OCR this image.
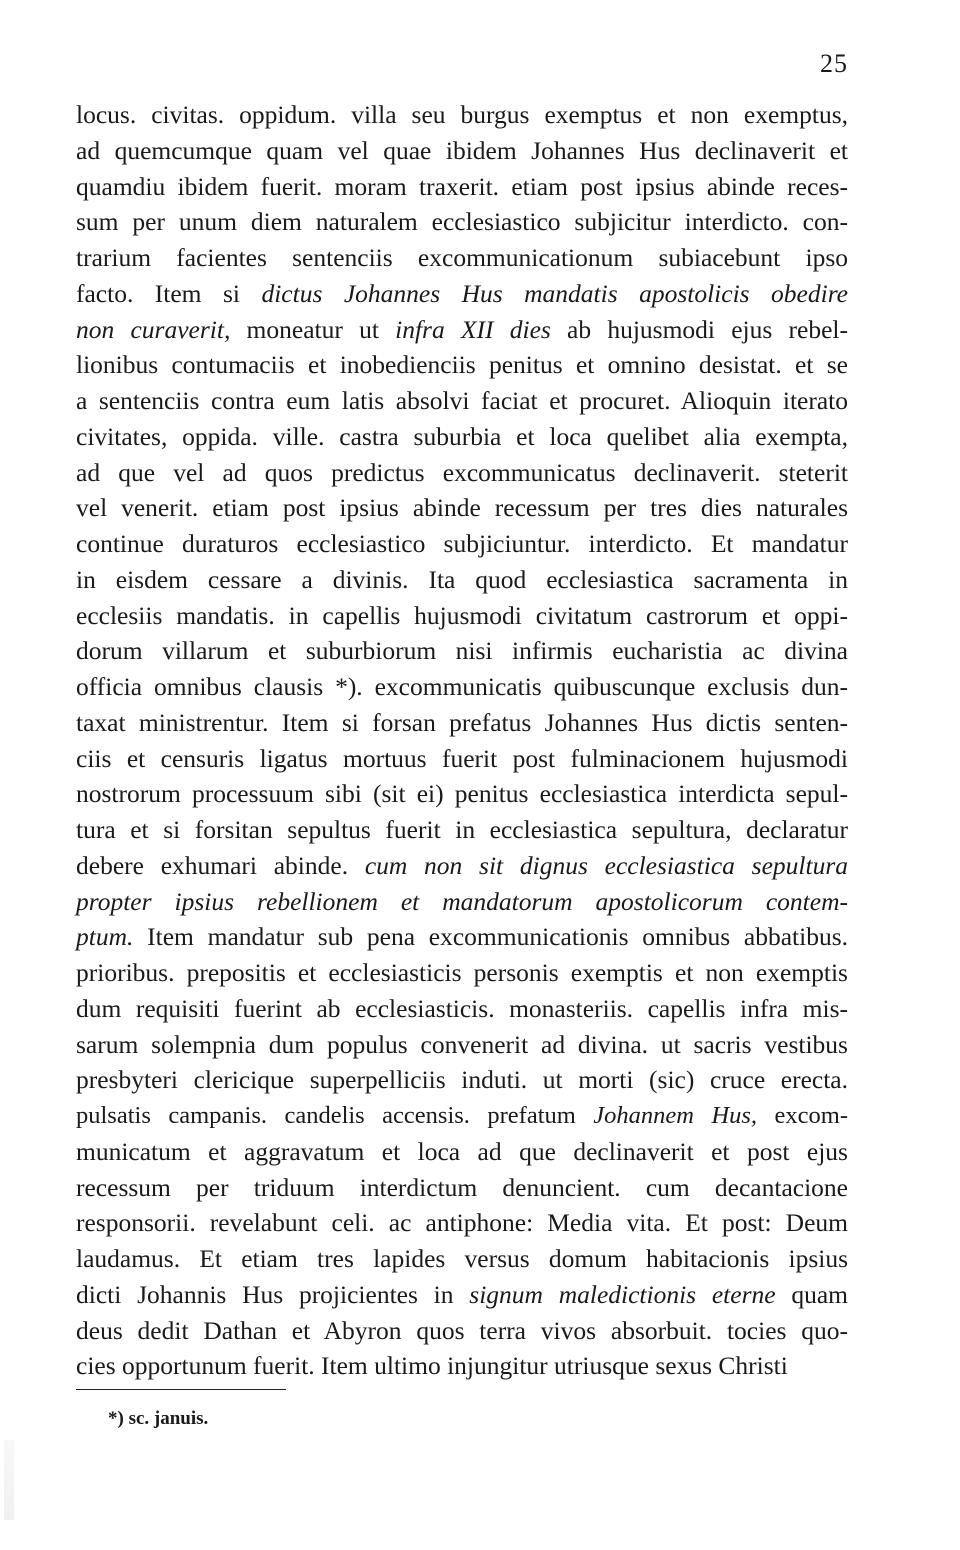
25
locus. civitas. oppidum. villa seu burgus exemptus et non exemptus,
ad quemcumque quam vel quae ibidem Johannes Hus declinaverit et
quamdiu ibidem fuerit. moram traxerit. etiam post ipsius abinde reces-
sum per unum diem naturalem ecclesiastico subjicitur interdicto. con-
trarium facientes sentenciis excommunicationum subiacebunt ipso
facto. Item si dictus Johannes Hus mandatis apostolicis obedire
non curaverit, moneatur ut infra XII dies ab hujusmodi ejus rebel-
lionibus contumaciis et inobedienciis penitus et omnino desistat. et se
a sentenciis contra eum latis absolvi faciat et procuret. Alioquin iterato
civitates, oppida. ville. castra suburbia et loca quelibet alia exempta,
ad que vel ad quos predictus excommunicatus declinaverit. steterit
vel venerit. etiam post ipsius abinde recessum per tres dies naturales
continue duraturos ecclesiastico subjiciuntur. interdicto. Et mandatur
in eisdem cessare a divinis. Ita quod ecclesiastica sacramenta in
ecclesiis mandatis. in capellis hujusmodi civitatum castrorum et oppi-
dorum villarum et suburbiorum nisi infirmis eucharistia ac divina
officia omnibus clausis *). excommunicatis quibuscunque exclusis dun-
taxat ministrentur. Item si forsan prefatus Johannes Hus dictis senten-
ciis et censuris ligatus mortuus fuerit post fulminacionem hujusmodi
nostrorum processuum sibi (sit ei) penitus ecclesiastica interdicta sepul-
tura et si forsitan sepultus fuerit in ecclesiastica sepultura, declaratur
debere exhumari abinde. cum non sit dignus ecclesiastica sepultura
propter ipsius rebellionem et mandatorum apostolicorum contem-
ptum. Item mandatur sub pena excommunicationis omnibus abbatibus.
prioribus. prepositis et ecclesiasticis personis exemptis et non exemptis
dum requisiti fuerint ab ecclesiasticis. monasteriis. capellis infra mis-
sarum solempnia dum populus convenerit ad divina. ut sacris vestibus
presbyteri clericique superpelliciis induti. ut morti (sic) cruce erecta.
pulsatis campanis. candelis accensis. prefatum Johannem Hus, excom-
municatum et aggravatum et loca ad que declinaverit et post ejus
recessum per triduum interdictum denuncient. cum decantacione
responsorii. revelabunt celi. ac antiphone: Media vita. Et post: Deum
laudamus. Et etiam tres lapides versus domum habitacionis ipsius
dicti Johannis Hus projicientes in signum maledictionis eterne quam
deus dedit Dathan et Abyron quos terra vivos absorbuit. tocies quo-
cies opportunum fuerit. Item ultimo injungitur utriusque sexus Christi
*) sc. januis.
